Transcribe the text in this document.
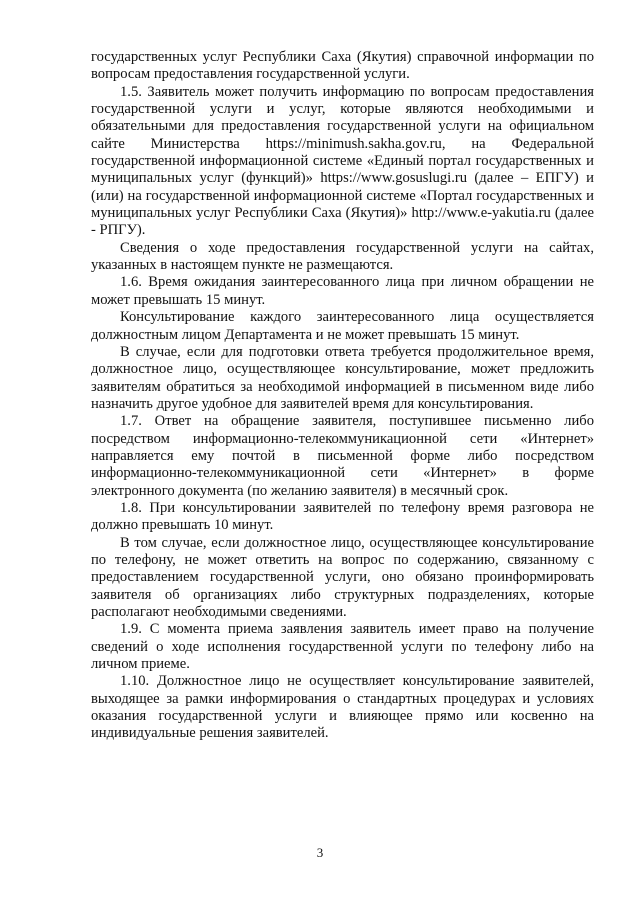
государственных услуг Республики Саха (Якутия) справочной информации по вопросам предоставления государственной услуги.

1.5. Заявитель может получить информацию по вопросам предоставления государственной услуги и услуг, которые являются необходимыми и обязательными для предоставления государственной услуги на официальном сайте Министерства https://minimush.sakha.gov.ru, на Федеральной государственной информационной системе «Единый портал государственных и муниципальных услуг (функций)» https://www.gosuslugi.ru (далее – ЕПГУ) и (или) на государственной информационной системе «Портал государственных и муниципальных услуг Республики Саха (Якутия)» http://www.e-yakutia.ru (далее - РПГУ).

Сведения о ходе предоставления государственной услуги на сайтах, указанных в настоящем пункте не размещаются.

1.6. Время ожидания заинтересованного лица при личном обращении не может превышать 15 минут.

Консультирование каждого заинтересованного лица осуществляется должностным лицом Департамента и не может превышать 15 минут.

В случае, если для подготовки ответа требуется продолжительное время, должностное лицо, осуществляющее консультирование, может предложить заявителям обратиться за необходимой информацией в письменном виде либо назначить другое удобное для заявителей время для консультирования.

1.7. Ответ на обращение заявителя, поступившее письменно либо посредством информационно-телекоммуникационной сети «Интернет» направляется ему почтой в письменной форме либо посредством информационно-телекоммуникационной сети «Интернет» в форме электронного документа (по желанию заявителя) в месячный срок.

1.8. При консультировании заявителей по телефону время разговора не должно превышать 10 минут.

В том случае, если должностное лицо, осуществляющее консультирование по телефону, не может ответить на вопрос по содержанию, связанному с предоставлением государственной услуги, оно обязано проинформировать заявителя об организациях либо структурных подразделениях, которые располагают необходимыми сведениями.

1.9. С момента приема заявления заявитель имеет право на получение сведений о ходе исполнения государственной услуги по телефону либо на личном приеме.

1.10. Должностное лицо не осуществляет консультирование заявителей, выходящее за рамки информирования о стандартных процедурах и условиях оказания государственной услуги и влияющее прямо или косвенно на индивидуальные решения заявителей.

3
